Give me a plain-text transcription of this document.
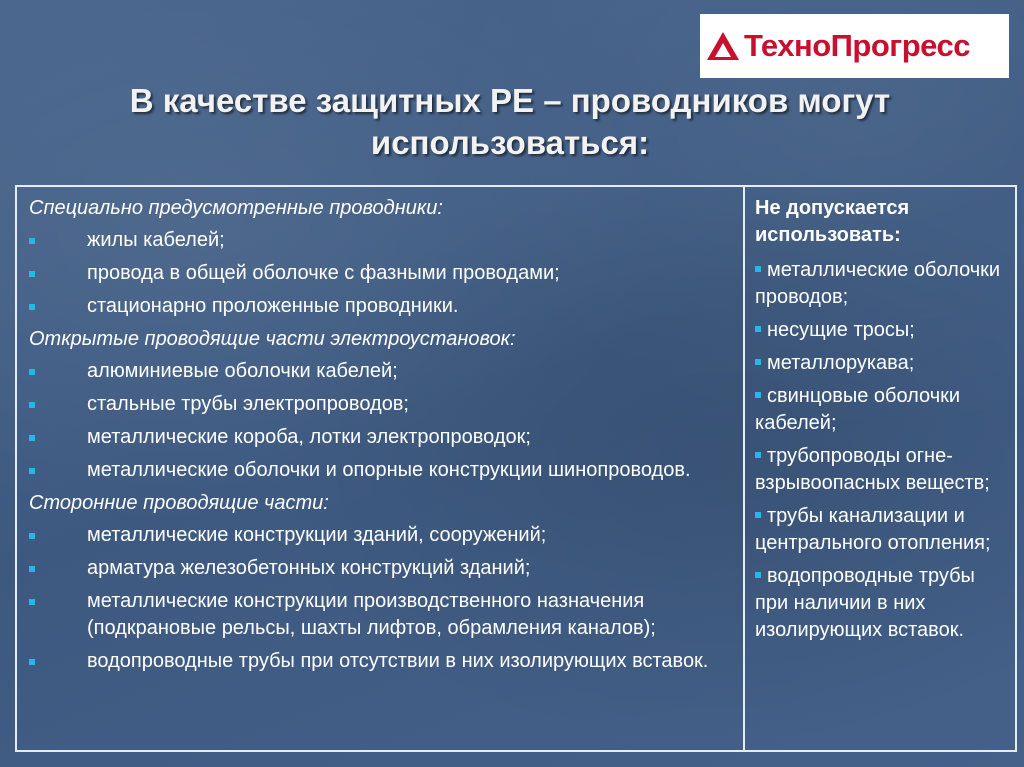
ТехноПрогресс
В качестве защитных PE – проводников могут
использоваться:
Специально предусмотренные проводники:
жилы кабелей;
провода в общей оболочке с фазными проводами;
стационарно проложенные проводники.
Открытые проводящие части электроустановок:
алюминиевые оболочки кабелей;
стальные трубы электропроводов;
металлические короба, лотки электропроводок;
металлические оболочки и опорные конструкции шинопроводов.
Сторонние проводящие части:
металлические конструкции зданий, сооружений;
арматура железобетонных конструкций зданий;
металлические конструкции производственного назначения (подкрановые рельсы, шахты лифтов, обрамления каналов);
водопроводные трубы при отсутствии в них изолирующих вставок.
Не допускается использовать:
металлические оболочки проводов;
несущие тросы;
металлорукава;
свинцовые оболочки кабелей;
трубопроводы огне-взрывоопасных веществ;
трубы канализации и центрального отопления;
водопроводные трубы при наличии в них изолирующих вставок.
